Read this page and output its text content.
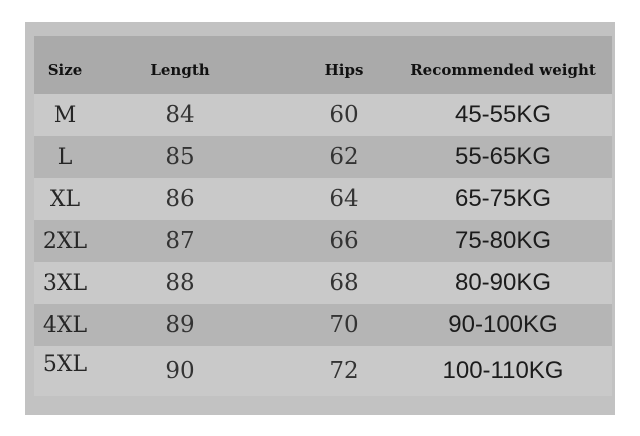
Size	Length	Hips	Recommended weight
M	84	60	45-55KG
L	85	62	55-65KG
XL	86	64	65-75KG
2XL	87	66	75-80KG
3XL	88	68	80-90KG
4XL	89	70	90-100KG
5XL	90	72	100-110KG
